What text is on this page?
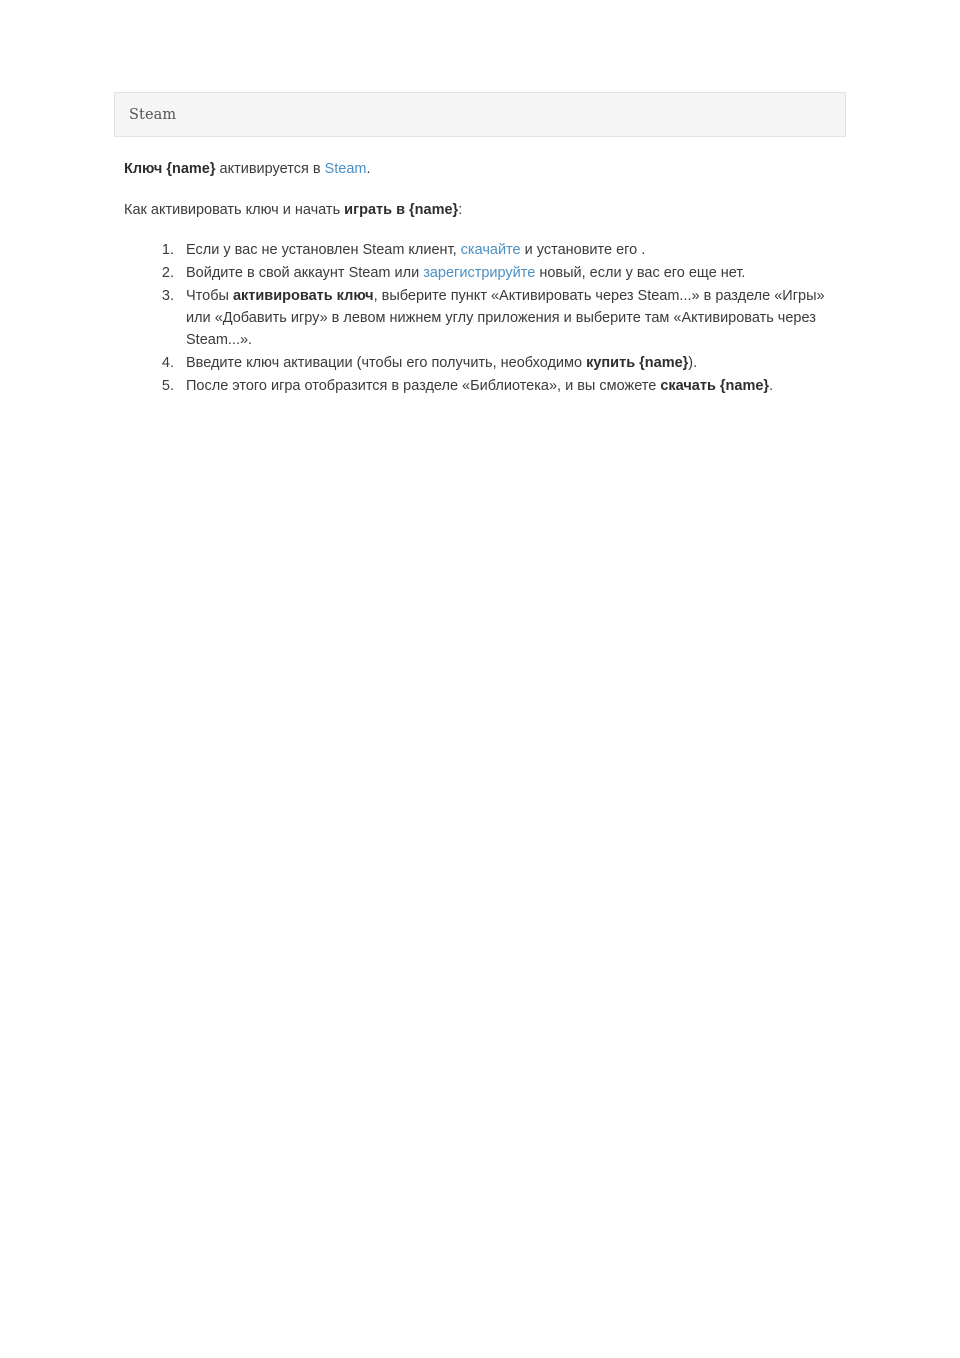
Steam

Ключ {name} активируется в Steam.

Как активировать ключ и начать играть в {name}:

1. Если у вас не установлен Steam клиент, скачайте и установите его .
2. Войдите в свой аккаунт Steam или зарегистрируйте новый, если у вас его еще нет.
3. Чтобы активировать ключ, выберите пункт «Активировать через Steam...» в разделе «Игры» или «Добавить игру» в левом нижнем углу приложения и выберите там «Активировать через Steam...».
4. Введите ключ активации (чтобы его получить, необходимо купить {name}).
5. После этого игра отобразится в разделе «Библиотека», и вы сможете скачать {name}.
